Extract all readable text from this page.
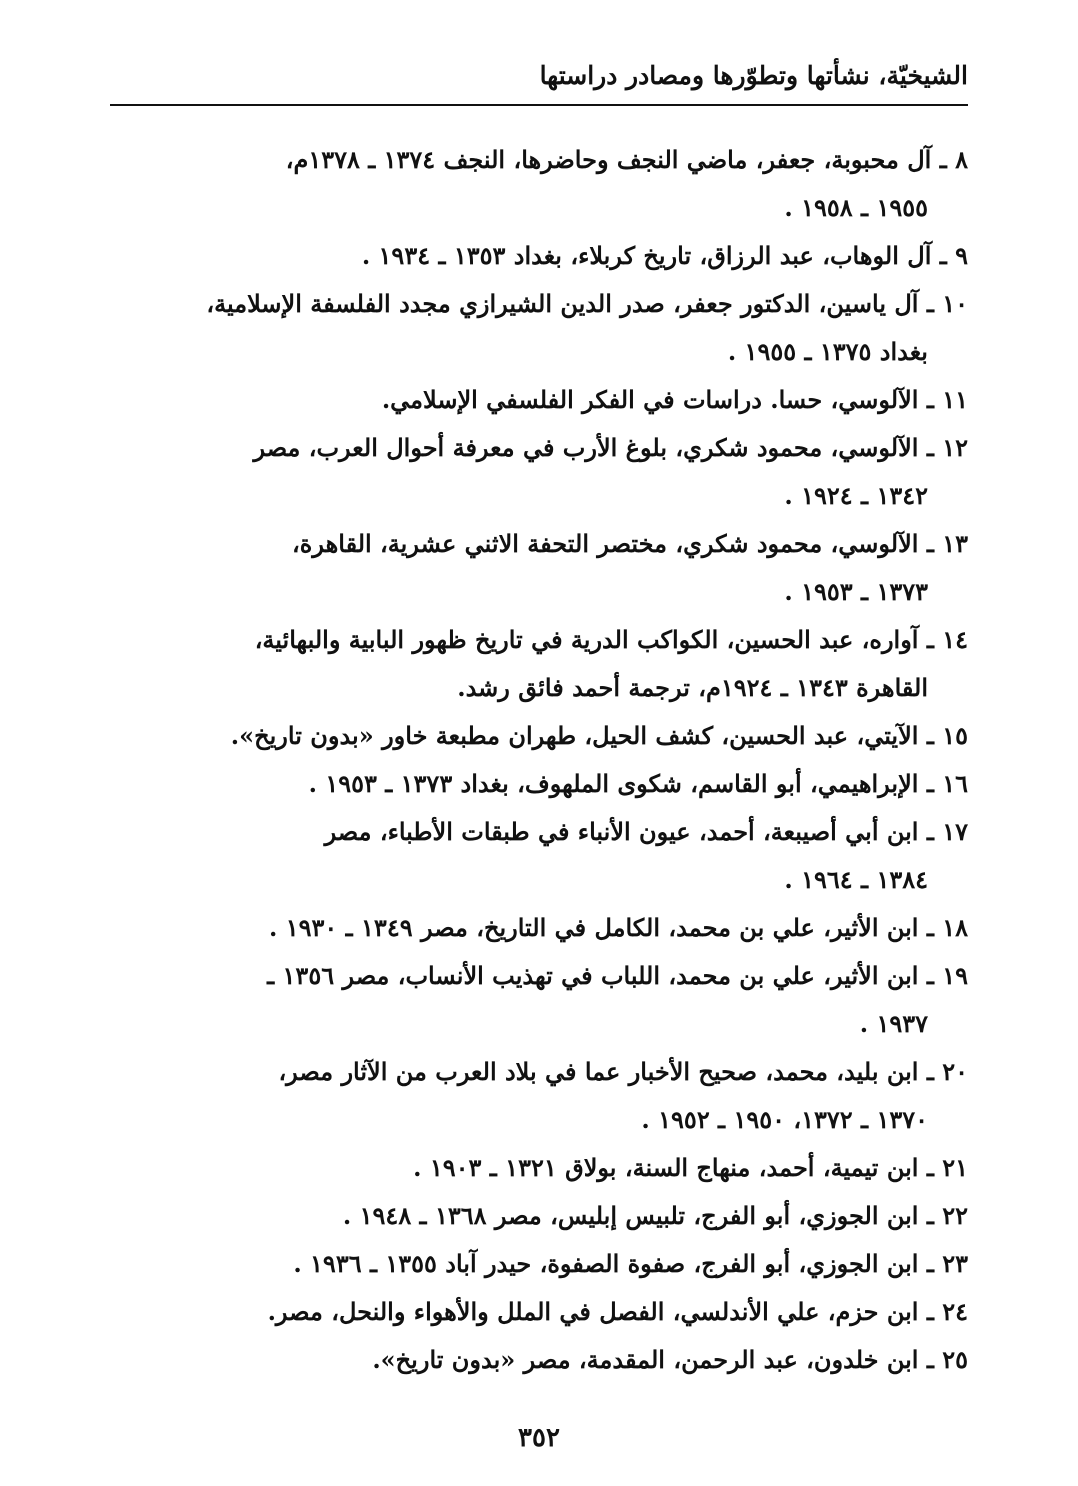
الشيخيّة، نشأتها وتطوّرها ومصادر دراستها
٨ ـ آل محبوبة، جعفر، ماضي النجف وحاضرها، النجف ١٣٧٤ ـ ١٣٧٨م،
١٩٥٥ ـ ١٩٥٨ .
٩ ـ آل الوهاب، عبد الرزاق، تاريخ كربلاء، بغداد ١٣٥٣ ـ ١٩٣٤ .
١٠ ـ آل ياسين، الدكتور جعفر، صدر الدين الشيرازي مجدد الفلسفة الإسلامية،
بغداد ١٣٧٥ ـ ١٩٥٥ .
١١ ـ الآلوسي، حسا. دراسات في الفكر الفلسفي الإسلامي.
١٢ ـ الآلوسي، محمود شكري، بلوغ الأرب في معرفة أحوال العرب، مصر
١٣٤٢ ـ ١٩٢٤ .
١٣ ـ الآلوسي، محمود شكري، مختصر التحفة الاثني عشرية، القاهرة،
١٣٧٣ ـ ١٩٥٣ .
١٤ ـ آواره، عبد الحسين، الكواكب الدرية في تاريخ ظهور البابية والبهائية،
القاهرة ١٣٤٣ ـ ١٩٢٤م، ترجمة أحمد فائق رشد.
١٥ ـ الآيتي، عبد الحسين، كشف الحيل، طهران مطبعة خاور «بدون تاريخ».
١٦ ـ الإبراهيمي، أبو القاسم، شكوى الملهوف، بغداد ١٣٧٣ ـ ١٩٥٣ .
١٧ ـ ابن أبي أصيبعة، أحمد، عيون الأنباء في طبقات الأطباء، مصر
١٣٨٤ ـ ١٩٦٤ .
١٨ ـ ابن الأثير، علي بن محمد، الكامل في التاريخ، مصر ١٣٤٩ ـ ١٩٣٠ .
١٩ ـ ابن الأثير، علي بن محمد، اللباب في تهذيب الأنساب، مصر ١٣٥٦ ـ
١٩٣٧ .
٢٠ ـ ابن بليد، محمد، صحيح الأخبار عما في بلاد العرب من الآثار مصر،
١٣٧٠ ـ ١٣٧٢، ١٩٥٠ ـ ١٩٥٢ .
٢١ ـ ابن تيمية، أحمد، منهاج السنة، بولاق ١٣٢١ ـ ١٩٠٣ .
٢٢ ـ ابن الجوزي، أبو الفرج، تلبيس إبليس، مصر ١٣٦٨ ـ ١٩٤٨ .
٢٣ ـ ابن الجوزي، أبو الفرج، صفوة الصفوة، حيدر آباد ١٣٥٥ ـ ١٩٣٦ .
٢٤ ـ ابن حزم، علي الأندلسي، الفصل في الملل والأهواء والنحل، مصر.
٢٥ ـ ابن خلدون، عبد الرحمن، المقدمة، مصر «بدون تاريخ».
٣٥٢
